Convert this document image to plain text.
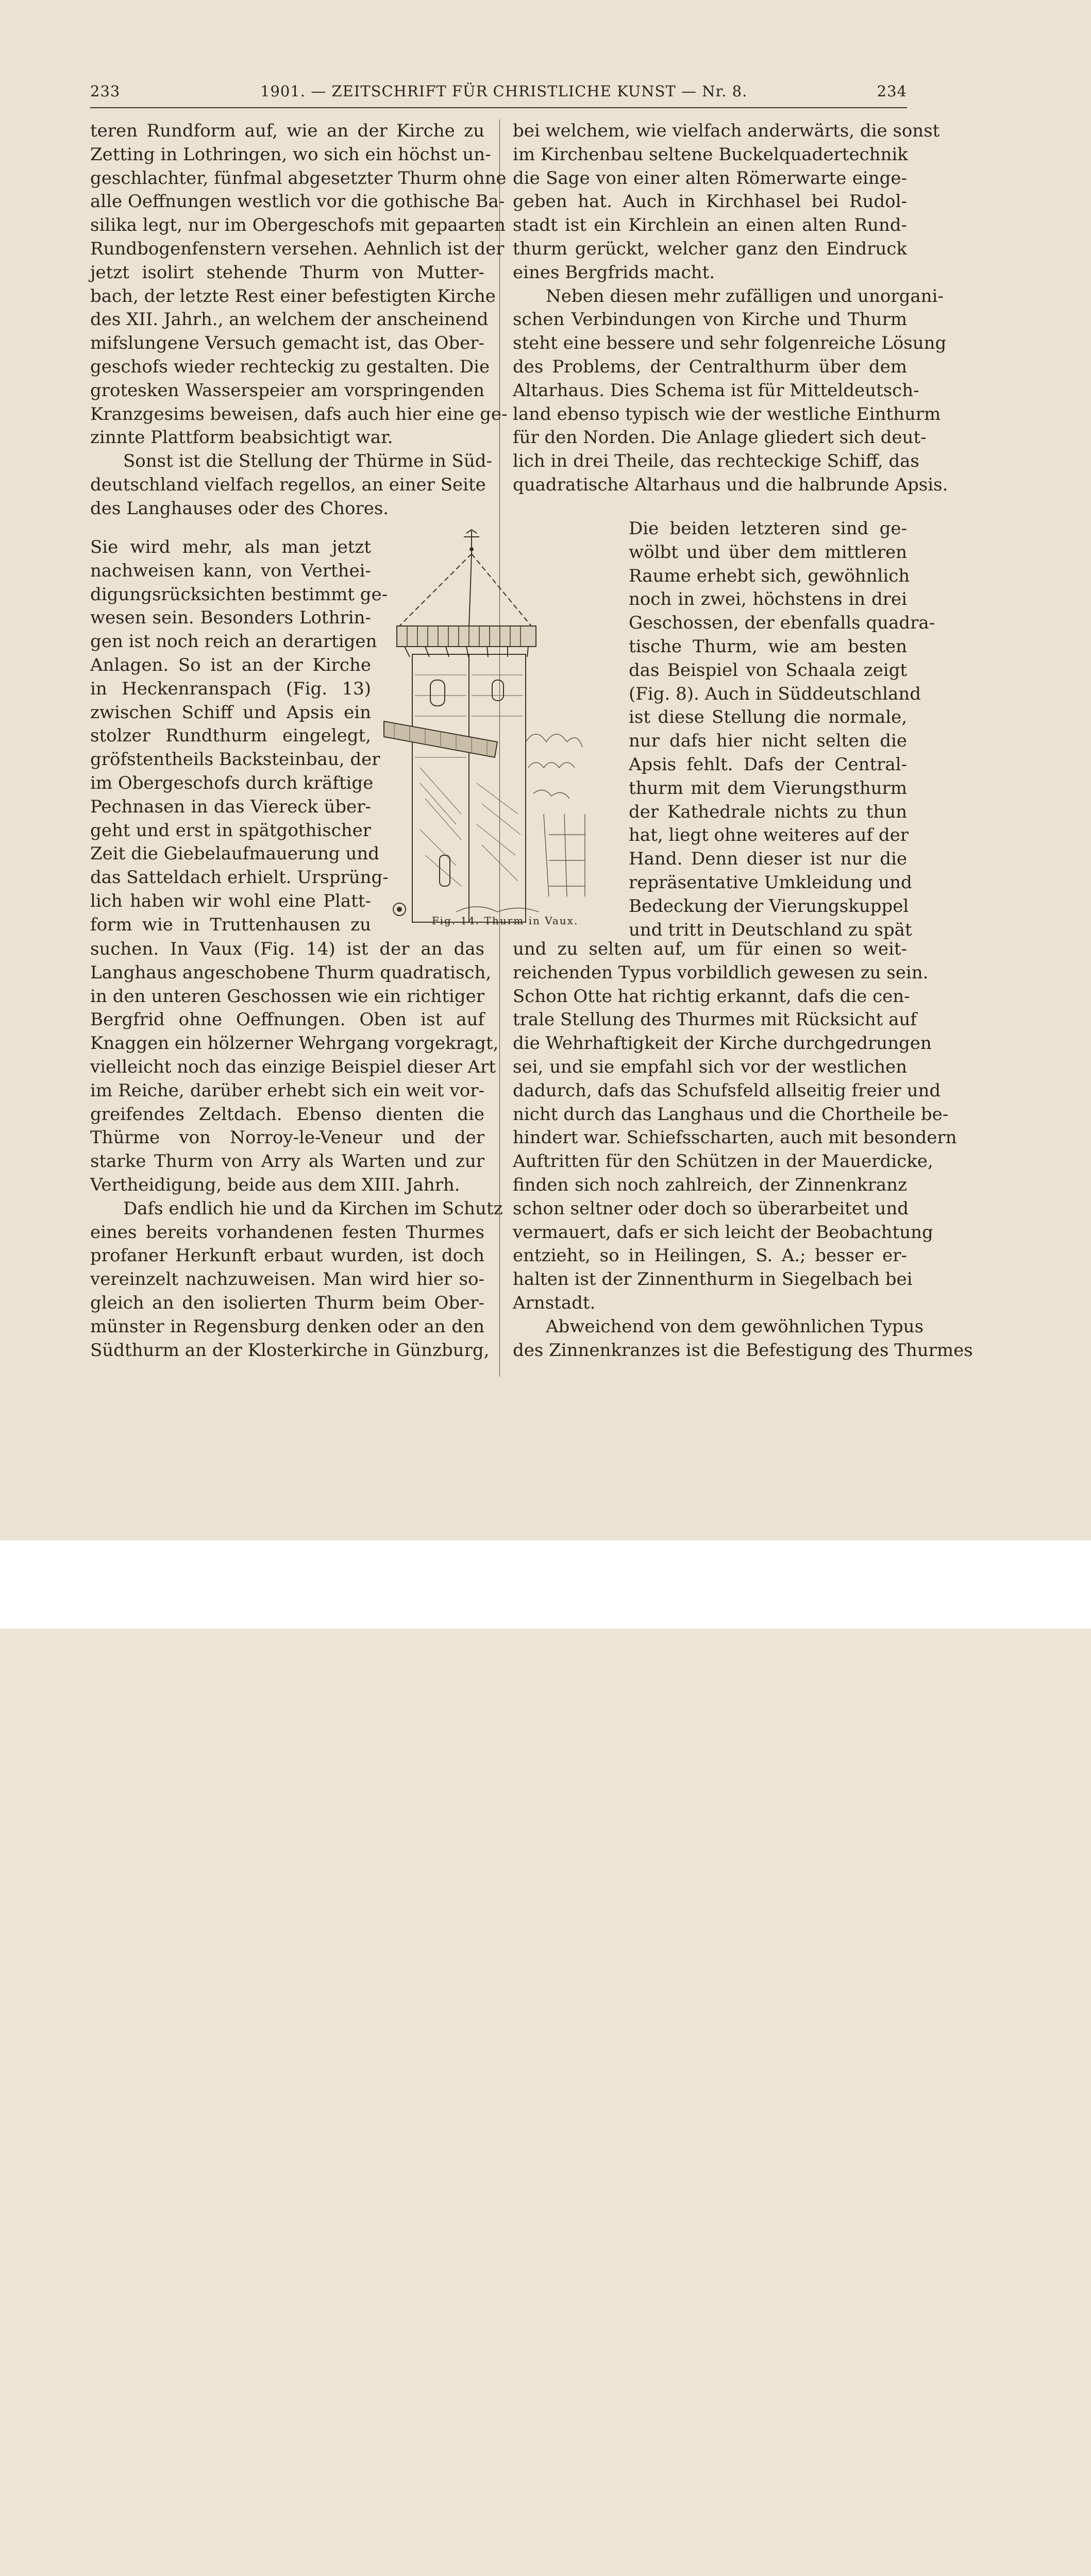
233	1901. — ZEITSCHRIFT FÜR CHRISTLICHE KUNST — Nr. 8.	234
teren Rundform auf, wie an der Kirche zu
Zetting in Lothringen, wo sich ein höchst un-
geschlachter, fünfmal abgesetzter Thurm ohne
alle Oeffnungen westlich vor die gothische Ba-
silika legt, nur im Obergeschofs mit gepaarten
Rundbogenfenstern versehen. Aehnlich ist der
jetzt isolirt stehende Thurm von Mutter-
bach, der letzte Rest einer befestigten Kirche
des XII. Jahrh., an welchem der anscheinend
mifslungene Versuch gemacht ist, das Ober-
geschofs wieder rechteckig zu gestalten. Die
grotesken Wasserspeier am vorspringenden
Kranzgesims beweisen, dafs auch hier eine ge-
zinnte Plattform beabsichtigt war.
Sonst ist die Stellung der Thürme in Süd-
deutschland vielfach regellos, an einer Seite
des Langhauses oder des Chores.
Sie wird mehr, als man jetzt
nachweisen kann, von Verthei-
digungsrücksichten bestimmt ge-
wesen sein. Besonders Lothrin-
gen ist noch reich an derartigen
Anlagen. So ist an der Kirche
in Heckenranspach (Fig. 13)
zwischen Schiff und Apsis ein
stolzer Rundthurm eingelegt,
gröfstentheils Backsteinbau, der
im Obergeschofs durch kräftige
Pechnasen in das Viereck über-
geht und erst in spätgothischer
Zeit die Giebelaufmauerung und
das Satteldach erhielt. Ursprüng-
lich haben wir wohl eine Platt-
form wie in Truttenhausen zu
suchen. In Vaux (Fig. 14) ist der an das
Langhaus angeschobene Thurm quadratisch,
in den unteren Geschossen wie ein richtiger
Bergfrid ohne Oeffnungen. Oben ist auf
Knaggen ein hölzerner Wehrgang vorgekragt,
vielleicht noch das einzige Beispiel dieser Art
im Reiche, darüber erhebt sich ein weit vor-
greifendes Zeltdach. Ebenso dienten die
Thürme von Norroy-le-Veneur und der
starke Thurm von Arry als Warten und zur
Vertheidigung, beide aus dem XIII. Jahrh.
Dafs endlich hie und da Kirchen im Schutz
eines bereits vorhandenen festen Thurmes
profaner Herkunft erbaut wurden, ist doch
vereinzelt nachzuweisen. Man wird hier so-
gleich an den isolierten Thurm beim Ober-
münster in Regensburg denken oder an den
Südthurm an der Klosterkirche in Günzburg,
bei welchem, wie vielfach anderwärts, die sonst
im Kirchenbau seltene Buckelquadertechnik
die Sage von einer alten Römerwarte einge-
geben hat. Auch in Kirchhasel bei Rudol-
stadt ist ein Kirchlein an einen alten Rund-
thurm gerückt, welcher ganz den Eindruck
eines Bergfrids macht.
Neben diesen mehr zufälligen und unorgani-
schen Verbindungen von Kirche und Thurm
steht eine bessere und sehr folgenreiche Lösung
des Problems, der Centralthurm über dem
Altarhaus. Dies Schema ist für Mitteldeutsch-
land ebenso typisch wie der westliche Einthurm
für den Norden. Die Anlage gliedert sich deut-
lich in drei Theile, das rechteckige Schiff, das
quadratische Altarhaus und die halbrunde Apsis.
Die beiden letzteren sind ge-
wölbt und über dem mittleren
Raume erhebt sich, gewöhnlich
noch in zwei, höchstens in drei
Geschossen, der ebenfalls quadra-
tische Thurm, wie am besten
das Beispiel von Schaala zeigt
(Fig. 8). Auch in Süddeutschland
ist diese Stellung die normale,
nur dafs hier nicht selten die
Apsis fehlt. Dafs der Central-
thurm mit dem Vierungsthurm
der Kathedrale nichts zu thun
hat, liegt ohne weiteres auf der
Hand. Denn dieser ist nur die
repräsentative Umkleidung und
Bedeckung der Vierungskuppel
und tritt in Deutschland zu spät
und zu selten auf, um für einen so weit-
reichenden Typus vorbildlich gewesen zu sein.
Schon Otte hat richtig erkannt, dafs die cen-
trale Stellung des Thurmes mit Rücksicht auf
die Wehrhaftigkeit der Kirche durchgedrungen
sei, und sie empfahl sich vor der westlichen
dadurch, dafs das Schufsfeld allseitig freier und
nicht durch das Langhaus und die Chortheile be-
hindert war. Schiefsscharten, auch mit besondern
Auftritten für den Schützen in der Mauerdicke,
finden sich noch zahlreich, der Zinnenkranz
schon seltner oder doch so überarbeitet und
vermauert, dafs er sich leicht der Beobachtung
entzieht, so in Heilingen, S. A.; besser er-
halten ist der Zinnenthurm in Siegelbach bei
Arnstadt.
Abweichend von dem gewöhnlichen Typus
des Zinnenkranzes ist die Befestigung des Thurmes
Fig. 14. Thurm in Vaux.
